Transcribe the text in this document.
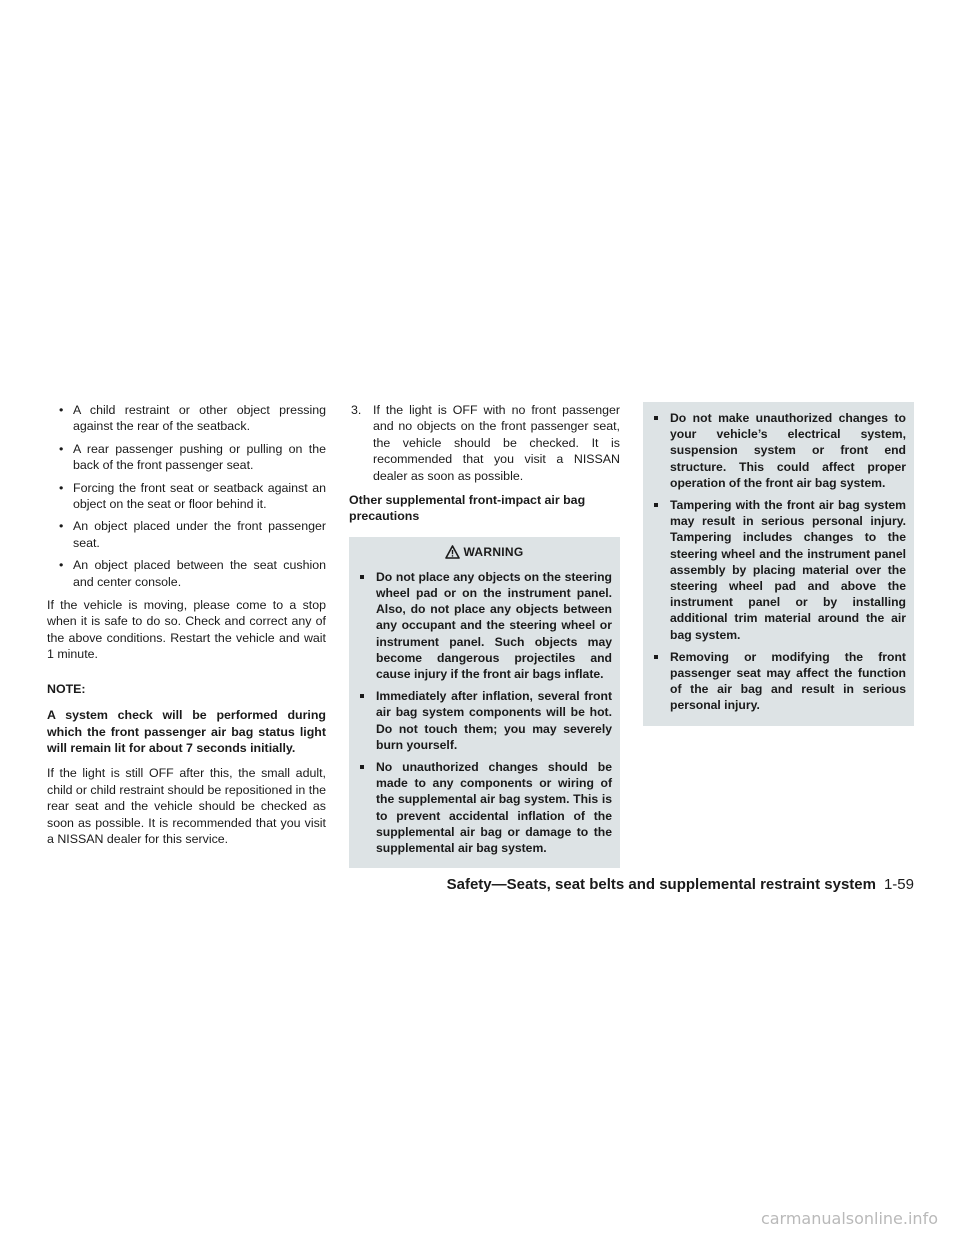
• A child restraint or other object pressing against the rear of the seatback.
• A rear passenger pushing or pulling on the back of the front passenger seat.
• Forcing the front seat or seatback against an object on the seat or floor behind it.
• An object placed under the front passenger seat.
• An object placed between the seat cushion and center console.

If the vehicle is moving, please come to a stop when it is safe to do so. Check and correct any of the above conditions. Restart the vehicle and wait 1 minute.

NOTE:

A system check will be performed during which the front passenger air bag status light will remain lit for about 7 seconds initially.

If the light is still OFF after this, the small adult, child or child restraint should be repositioned in the rear seat and the vehicle should be checked as soon as possible. It is recommended that you visit a NISSAN dealer for this service.

3. If the light is OFF with no front passenger and no objects on the front passenger seat, the vehicle should be checked. It is recommended that you visit a NISSAN dealer as soon as possible.

Other supplemental front-impact air bag precautions

WARNING
Do not place any objects on the steering wheel pad or on the instrument panel. Also, do not place any objects between any occupant and the steering wheel or instrument panel. Such objects may become dangerous projectiles and cause injury if the front air bags inflate.
Immediately after inflation, several front air bag system components will be hot. Do not touch them; you may severely burn yourself.
No unauthorized changes should be made to any components or wiring of the supplemental air bag system. This is to prevent accidental inflation of the supplemental air bag or damage to the supplemental air bag system.
Do not make unauthorized changes to your vehicle’s electrical system, suspension system or front end structure. This could affect proper operation of the front air bag system.
Tampering with the front air bag system may result in serious personal injury. Tampering includes changes to the steering wheel and the instrument panel assembly by placing material over the steering wheel pad and above the instrument panel or by installing additional trim material around the air bag system.
Removing or modifying the front passenger seat may affect the function of the air bag and result in serious personal injury.
Safety—Seats, seat belts and supplemental restraint system 1-59
carmanualsonline.info
